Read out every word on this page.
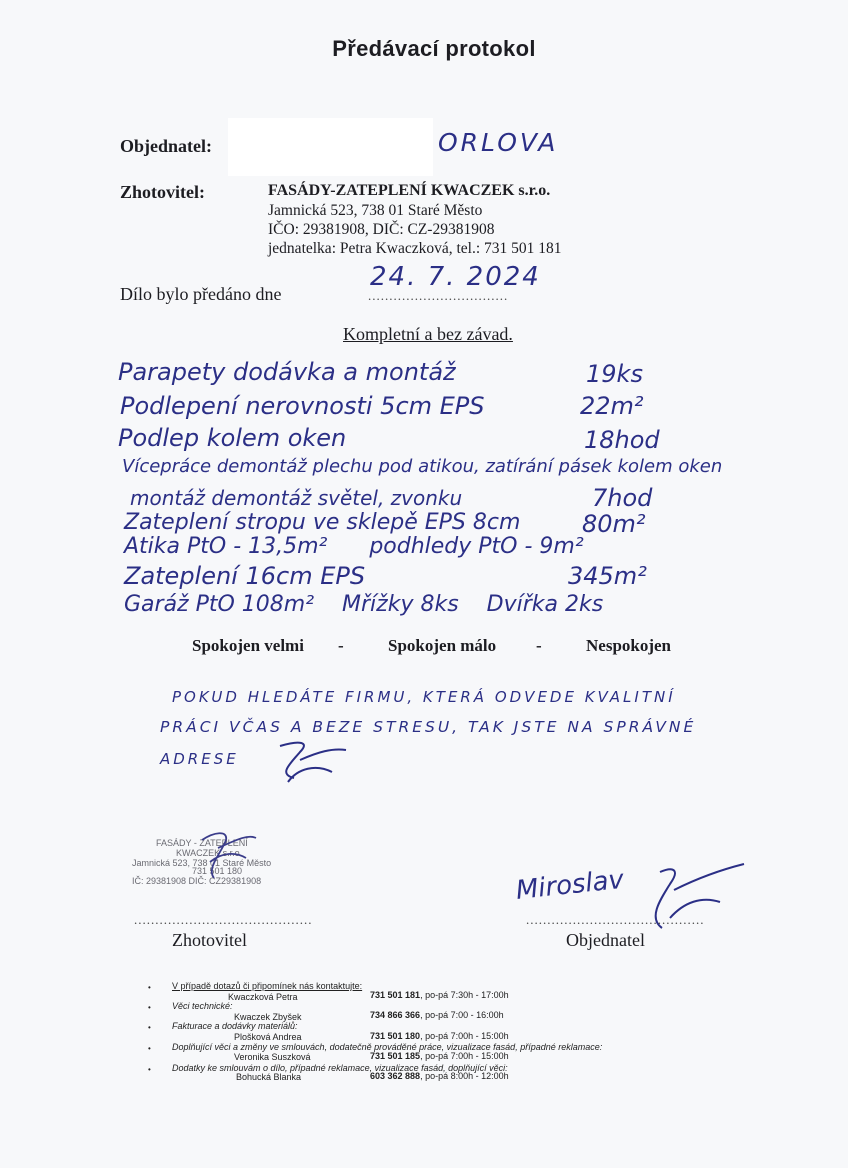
Předávací protokol
Objednatel:	ORLOVA
Zhotovitel:	FASÁDY-ZATEPLENÍ KWACZEK s.r.o.
Jamnická 523, 738 01 Staré Město
IČO: 29381908, DIČ: CZ-29381908
jednatelka: Petra Kwaczková, tel.: 731 501 181
Dílo bylo předáno dne
24. 7. 2024
.................................
Kompletní a bez závad.
Parapety dodávka a montáž	19ks
Podlepení nerovnosti 5cm EPS	22m²
Podlep kolem oken	18hod
Vícepráce demontáž plechu pod atikou, zatírání pásek kolem oken
montáž demontáž světel, zvonku	7hod
Zateplení stropu ve sklepě EPS 8cm	80m²
Atika PtO - 13,5m²      podhledy PtO - 9m²
Zateplení 16cm EPS	345m²
Garáž PtO 108m²    Mřížky 8ks    Dvířka 2ks
Spokojen velmi -	Spokojen málo -	Nespokojen
POKUD HLEDÁTE FIRMU, KTERÁ ODVEDE KVALITNÍ
PRÁCI VČAS A BEZE STRESU, TAK JSTE NA SPRÁVNÉ
ADRESE
FASÁDY - ZATEPLENÍ
KWACZEK s.r.o.
Jamnická 523, 738 01 Staré Město
731 501 180
IČ: 29381908 DIČ: CZ29381908
..........................................
Zhotovitel
Miroslav
..........................................
Objednatel
• V případě dotazů či připomínek nás kontaktujte:
Kwaczková Petra	731 501 181, po-pá 7:30h - 17:00h
• Věci technické:
Kwaczek Zbyšek	734 866 366, po-pá 7:00 - 16:00h
• Fakturace a dodávky materiálů:
Plošková Andrea	731 501 180, po-pá 7:00h - 15:00h
• Doplňující věci a změny ve smlouvách, dodatečně prováděné práce, vizualizace fasád, případné reklamace:
Veronika Suszková	731 501 185, po-pá 7:00h - 15:00h
• Dodatky ke smlouvám o dílo, případné reklamace, vizualizace fasád, doplňující věci:
Bohucká Blanka	603 362 888, po-pá 8:00h - 12:00h
